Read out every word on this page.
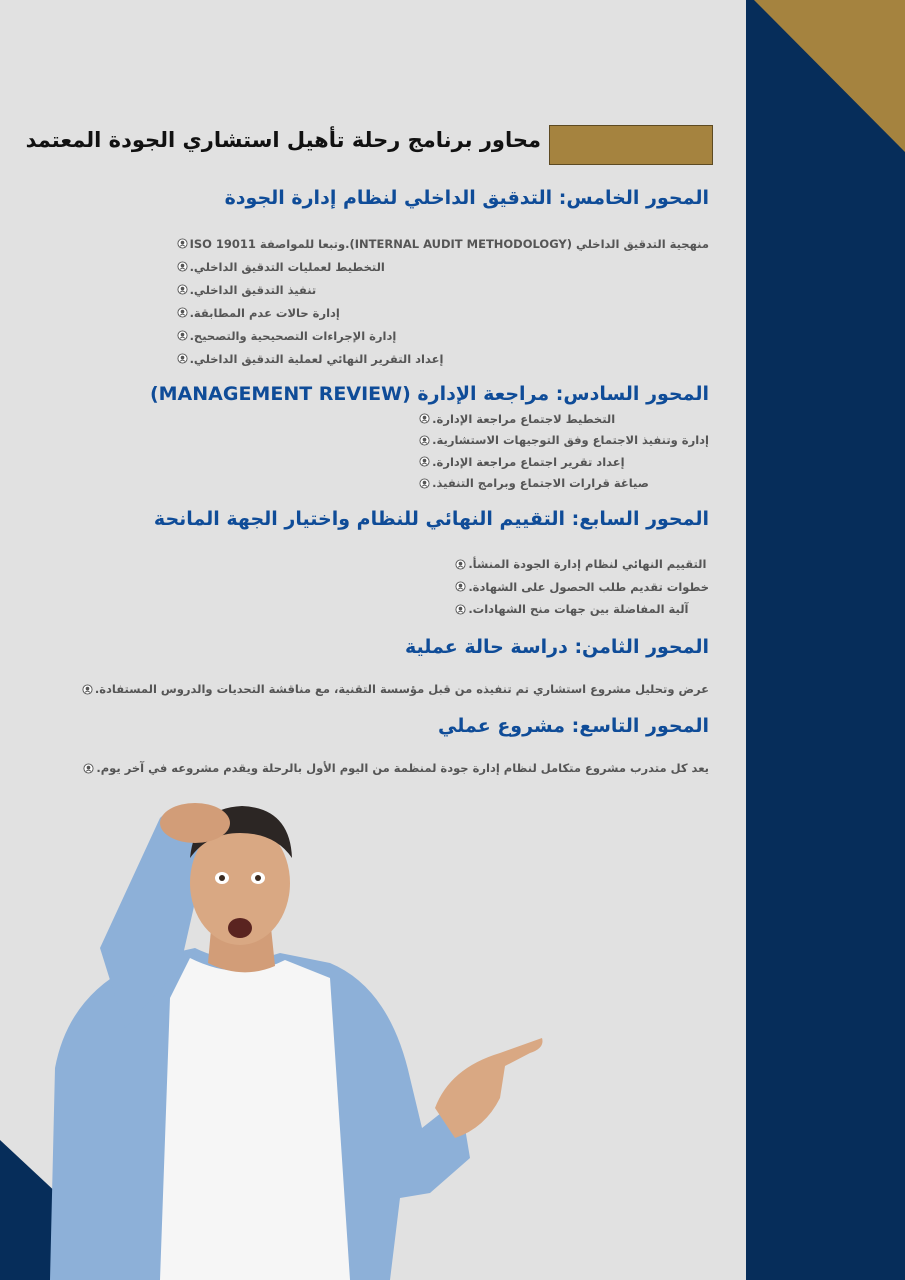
محاور برنامج رحلة تأهيل استشاري الجودة المعتمد
المحور الخامس: التدقيق الداخلي لنظام إدارة الجودة
منهجية التدقيق الداخلي (INTERNAL AUDIT METHODOLOGY).وتبعا للمواصفة ISO 19011
التخطيط لعمليات التدقيق الداخلي.
تنفيذ التدقيق الداخلي.
إدارة حالات عدم المطابقة.
إدارة الإجراءات التصحيحية والتصحيح.
إعداد التقرير النهائي لعملية التدقيق الداخلي.
المحور السادس: مراجعة الإدارة (MANAGEMENT REVIEW)
التخطيط لاجتماع مراجعة الإدارة.
إدارة وتنفيذ الاجتماع وفق التوجيهات الاستشارية.
إعداد تقرير اجتماع مراجعة الإدارة.
صياغة قرارات الاجتماع وبرامج التنفيذ.
المحور السابع: التقييم النهائي للنظام واختيار الجهة المانحة
التقييم النهائي لنظام إدارة الجودة المنشأ.
خطوات تقديم طلب الحصول على الشهادة.
آلية المفاضلة بين جهات منح الشهادات.
المحور الثامن: دراسة حالة عملية
عرض وتحليل مشروع استشاري تم تنفيذه من قبل مؤسسة التقنية، مع مناقشة التحديات والدروس المستفادة.
المحور التاسع: مشروع عملي
يعد كل متدرب مشروع متكامل لنظام إدارة جودة لمنظمة من اليوم الأول بالرحلة ويقدم مشروعه في آخر يوم.
